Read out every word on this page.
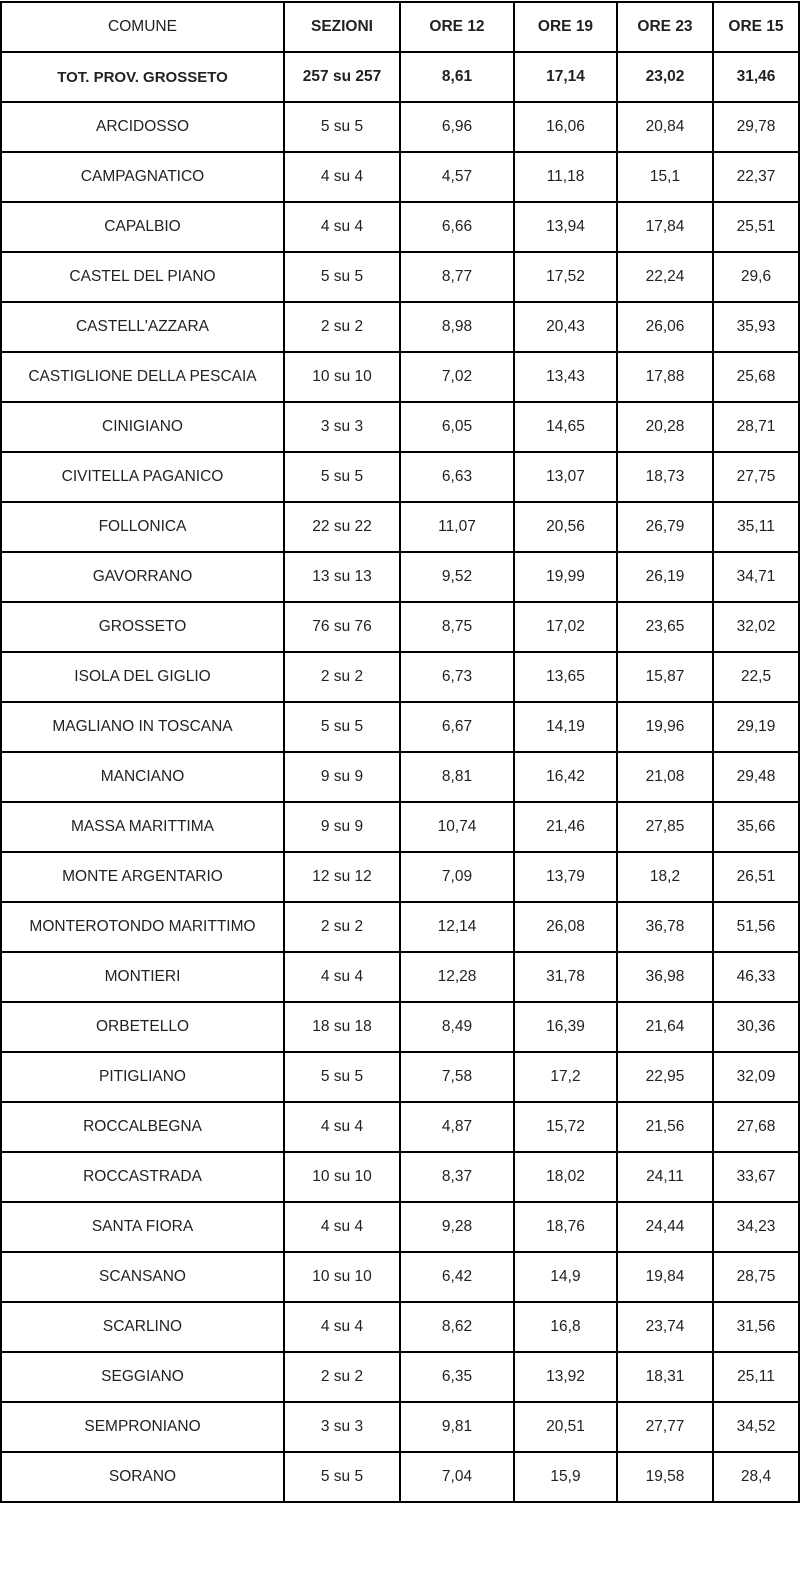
COMUNE	SEZIONI	ORE 12	ORE 19	ORE 23	ORE 15
TOT. PROV. GROSSETO	257 su 257	8,61	17,14	23,02	31,46
ARCIDOSSO	5 su 5	6,96	16,06	20,84	29,78
CAMPAGNATICO	4 su 4	4,57	11,18	15,1	22,37
CAPALBIO	4 su 4	6,66	13,94	17,84	25,51
CASTEL DEL PIANO	5 su 5	8,77	17,52	22,24	29,6
CASTELL'AZZARA	2 su 2	8,98	20,43	26,06	35,93
CASTIGLIONE DELLA PESCAIA	10 su 10	7,02	13,43	17,88	25,68
CINIGIANO	3 su 3	6,05	14,65	20,28	28,71
CIVITELLA PAGANICO	5 su 5	6,63	13,07	18,73	27,75
FOLLONICA	22 su 22	11,07	20,56	26,79	35,11
GAVORRANO	13 su 13	9,52	19,99	26,19	34,71
GROSSETO	76 su 76	8,75	17,02	23,65	32,02
ISOLA DEL GIGLIO	2 su 2	6,73	13,65	15,87	22,5
MAGLIANO IN TOSCANA	5 su 5	6,67	14,19	19,96	29,19
MANCIANO	9 su 9	8,81	16,42	21,08	29,48
MASSA MARITTIMA	9 su 9	10,74	21,46	27,85	35,66
MONTE ARGENTARIO	12 su 12	7,09	13,79	18,2	26,51
MONTEROTONDO MARITTIMO	2 su 2	12,14	26,08	36,78	51,56
MONTIERI	4 su 4	12,28	31,78	36,98	46,33
ORBETELLO	18 su 18	8,49	16,39	21,64	30,36
PITIGLIANO	5 su 5	7,58	17,2	22,95	32,09
ROCCALBEGNA	4 su 4	4,87	15,72	21,56	27,68
ROCCASTRADA	10 su 10	8,37	18,02	24,11	33,67
SANTA FIORA	4 su 4	9,28	18,76	24,44	34,23
SCANSANO	10 su 10	6,42	14,9	19,84	28,75
SCARLINO	4 su 4	8,62	16,8	23,74	31,56
SEGGIANO	2 su 2	6,35	13,92	18,31	25,11
SEMPRONIANO	3 su 3	9,81	20,51	27,77	34,52
SORANO	5 su 5	7,04	15,9	19,58	28,4
